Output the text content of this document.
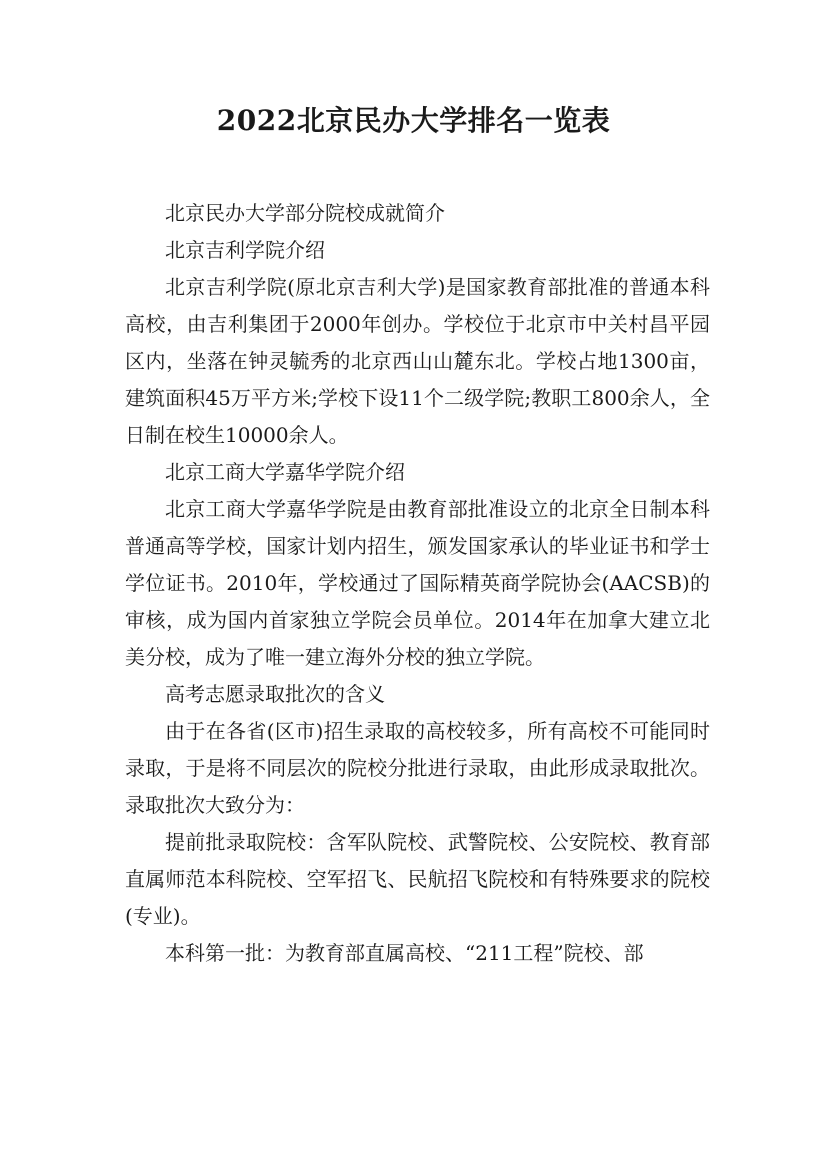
2022北京民办大学排名一览表

北京民办大学部分院校成就简介

北京吉利学院介绍

北京吉利学院(原北京吉利大学)是国家教育部批准的普通本科高校，由吉利集团于2000年创办。学校位于北京市中关村昌平园区内，坐落在钟灵毓秀的北京西山山麓东北。学校占地1300亩，建筑面积45万平方米;学校下设11个二级学院;教职工800余人，全日制在校生10000余人。

北京工商大学嘉华学院介绍

北京工商大学嘉华学院是由教育部批准设立的北京全日制本科普通高等学校，国家计划内招生，颁发国家承认的毕业证书和学士学位证书。2010年，学校通过了国际精英商学院协会(AACSB)的审核，成为国内首家独立学院会员单位。2014年在加拿大建立北美分校，成为了唯一建立海外分校的独立学院。

高考志愿录取批次的含义

由于在各省(区市)招生录取的高校较多，所有高校不可能同时录取，于是将不同层次的院校分批进行录取，由此形成录取批次。录取批次大致分为：

提前批录取院校：含军队院校、武警院校、公安院校、教育部直属师范本科院校、空军招飞、民航招飞院校和有特殊要求的院校(专业)。

本科第一批：为教育部直属高校、“211工程”院校、部
